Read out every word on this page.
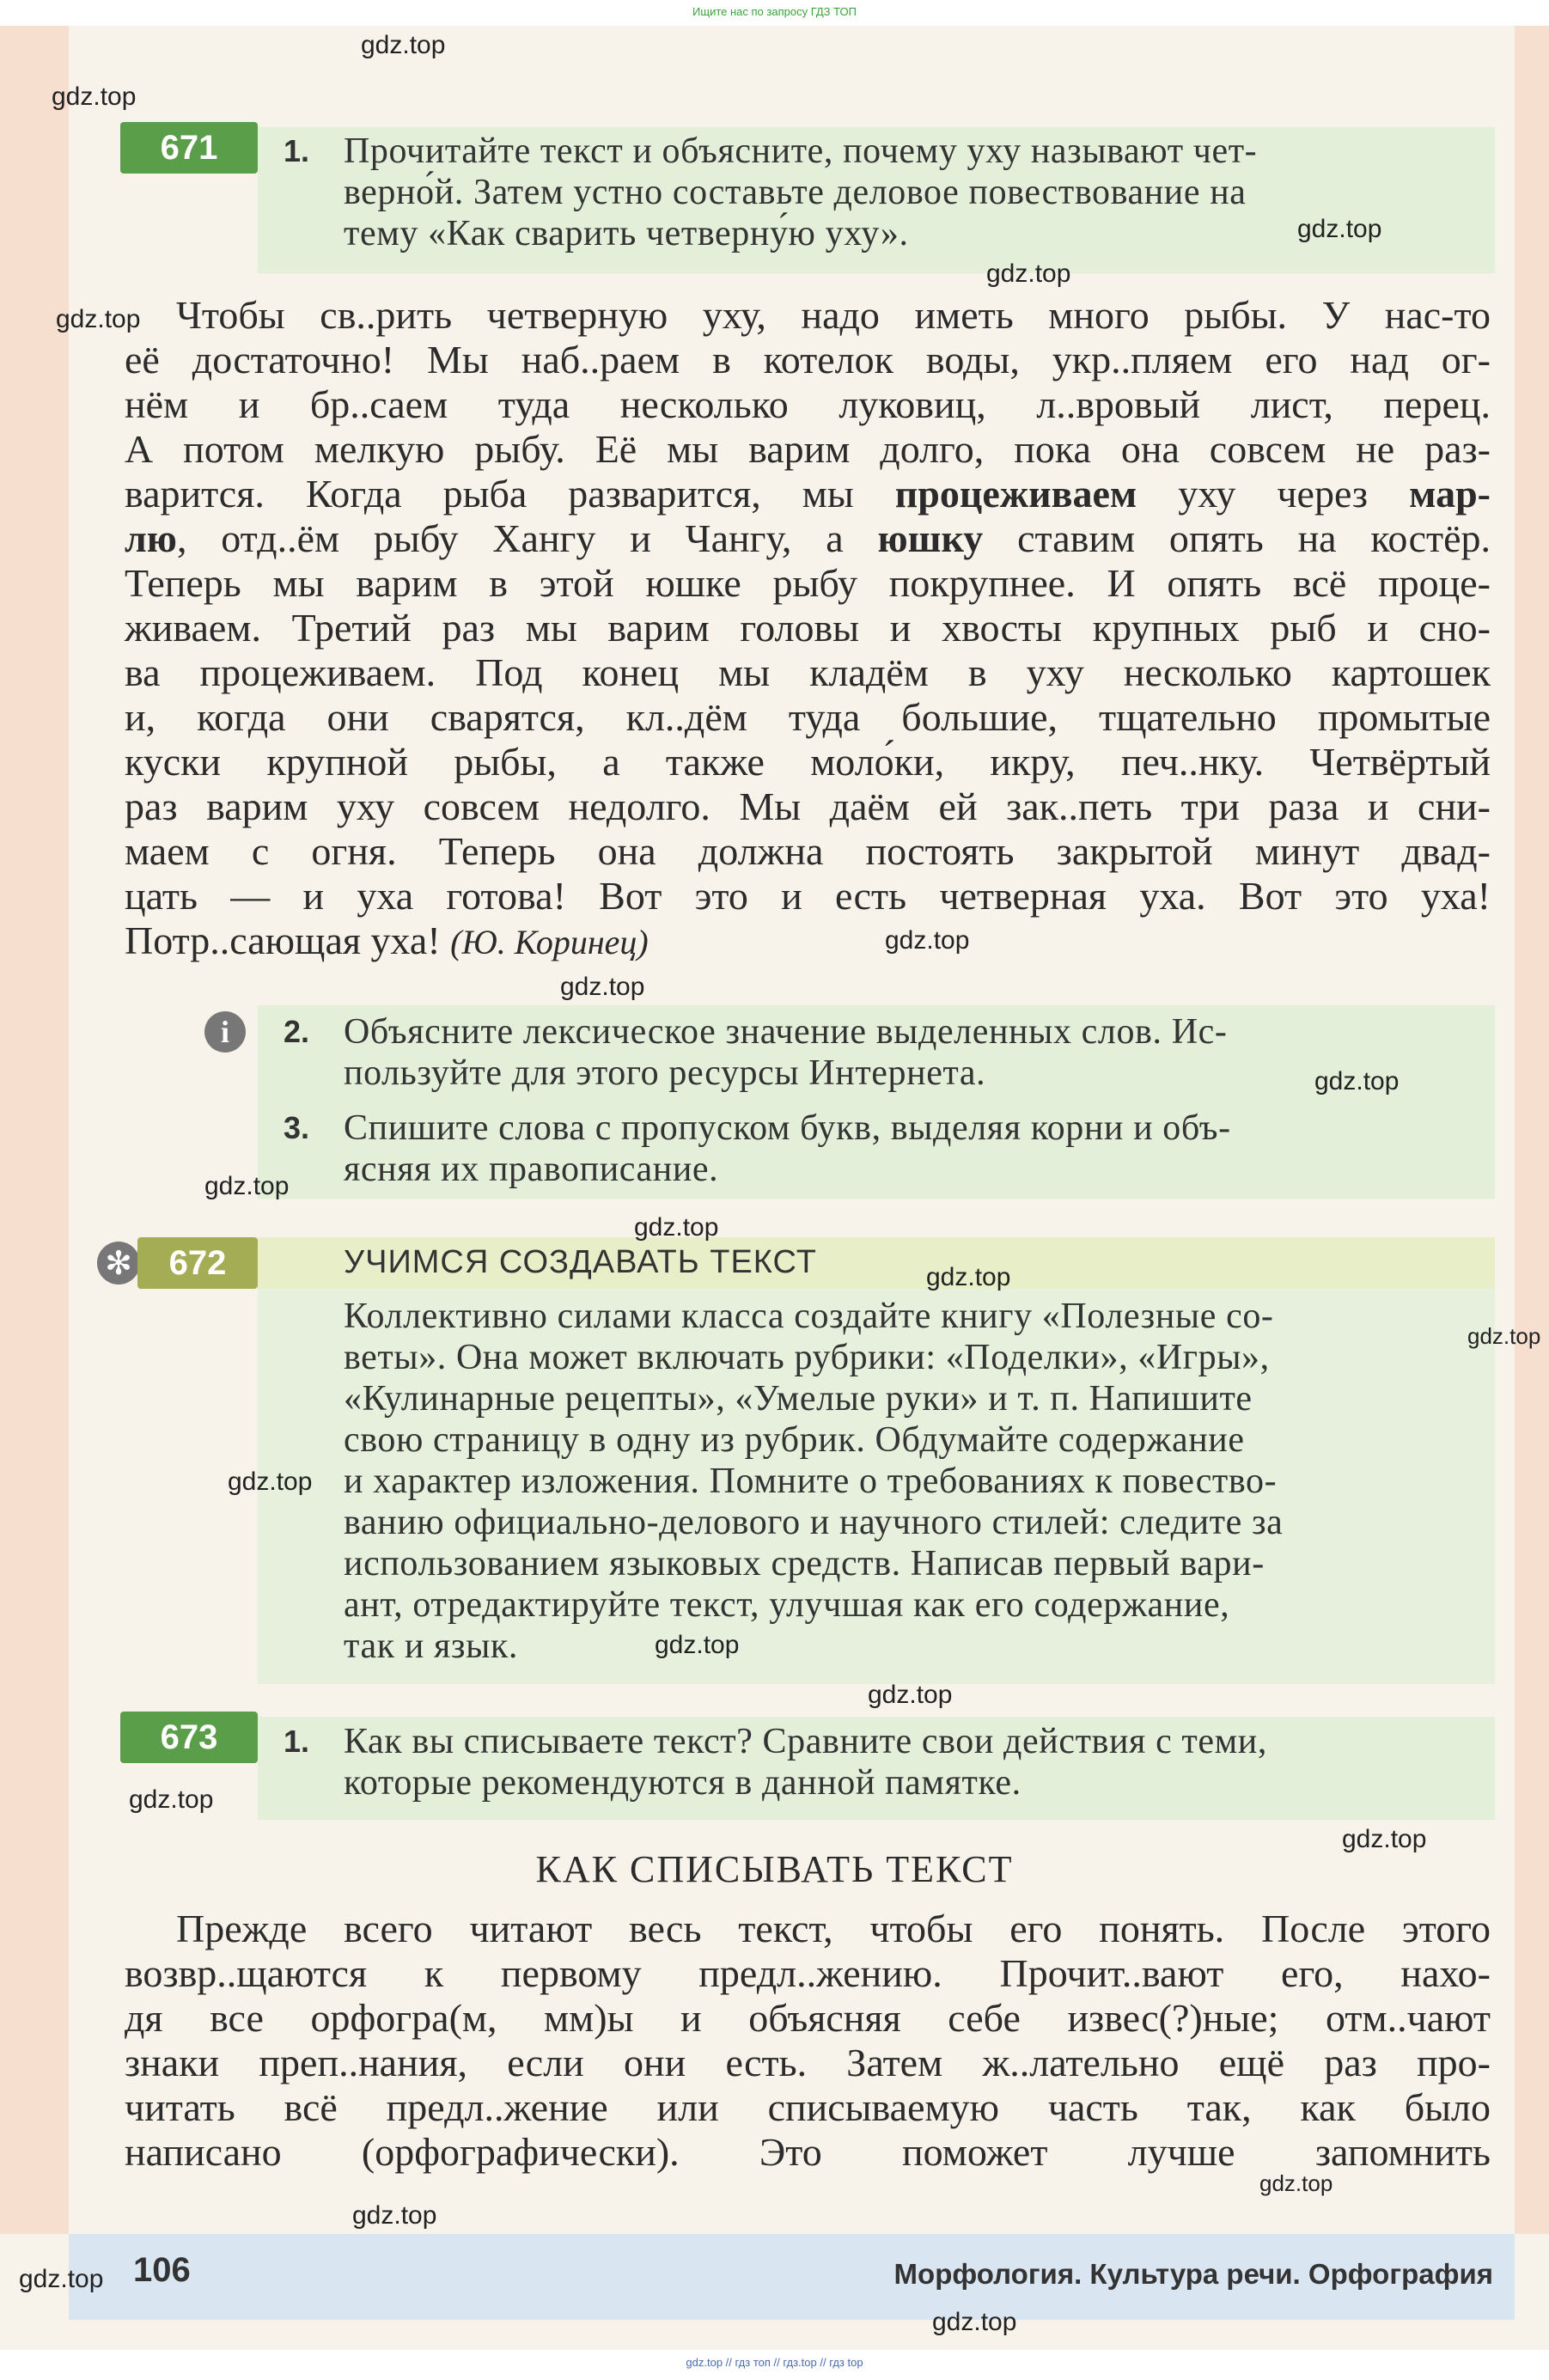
Ищите нас по запросу ГДЗ ТОП
671	1. Прочитайте текст и объясните, почему уху называют чет-
верно́й. Затем устно составьте деловое повествование на
тему «Как сварить четверну́ю уху».
Чтобы св..рить четверную уху, надо иметь много рыбы. У нас-то
её достаточно! Мы наб..раем в котелок воды, укр..пляем его над ог-
нём и бр..саем туда несколько луковиц, л..вровый лист, перец.
А потом мелкую рыбу. Её мы варим долго, пока она совсем не раз-
варится. Когда рыба разварится, мы процеживаем уху через мар-
лю, отд..ём рыбу Хангу и Чангу, а юшку ставим опять на костёр.
Теперь мы варим в этой юшке рыбу покрупнее. И опять всё проце-
живаем. Третий раз мы варим головы и хвосты крупных рыб и сно-
ва процеживаем. Под конец мы кладём в уху несколько картошек
и, когда они сварятся, кл..дём туда большие, тщательно промытые
куски крупной рыбы, а также моло́ки, икру, печ..нку. Четвёртый
раз варим уху совсем недолго. Мы даём ей зак..петь три раза и сни-
маем с огня. Теперь она должна постоять закрытой минут двад-
цать — и уха готова! Вот это и есть четверная уха. Вот это уха!
Потр..сающая уха! (Ю. Коринец)
i	2. Объясните лексическое значение выделенных слов. Ис-
пользуйте для этого ресурсы Интернета.
3. Спишите слова с пропуском букв, выделяя корни и объ-
ясняя их правописание.
✻	672	УЧИМСЯ СОЗДАВАТЬ ТЕКСТ
Коллективно силами класса создайте книгу «Полезные со-
веты». Она может включать рубрики: «Поделки», «Игры»,
«Кулинарные рецепты», «Умелые руки» и т. п. Напишите
свою страницу в одну из рубрик. Обдумайте содержание
и характер изложения. Помните о требованиях к повество-
ванию официально-делового и научного стилей: следите за
использованием языковых средств. Написав первый вари-
ант, отредактируйте текст, улучшая как его содержание,
так и язык.
673	1. Как вы списываете текст? Сравните свои действия с теми,
которые рекомендуются в данной памятке.
КАК СПИСЫВАТЬ ТЕКСТ
Прежде всего читают весь текст, чтобы его понять. После этого
возвр..щаются к первому предл..жению. Прочит..вают его, нахо-
дя все орфогра(м, мм)ы и объясняя себе извес(?)ные; отм..чают
знаки преп..нания, если они есть. Затем ж..лательно ещё раз про-
читать всё предл..жение или списываемую часть так, как было
написано (орфографически). Это поможет лучше запомнить
106	Морфология. Культура речи. Орфография
gdz.top // гдз топ // гдз.top // гдз top
gdz.top
gdz.top
gdz.top
gdz.top
gdz.top
gdz.top
gdz.top
gdz.top
gdz.top
gdz.top
gdz.top
gdz.top
gdz.top
gdz.top
gdz.top
gdz.top
gdz.top
gdz.top
gdz.top
gdz.top
gdz.top
